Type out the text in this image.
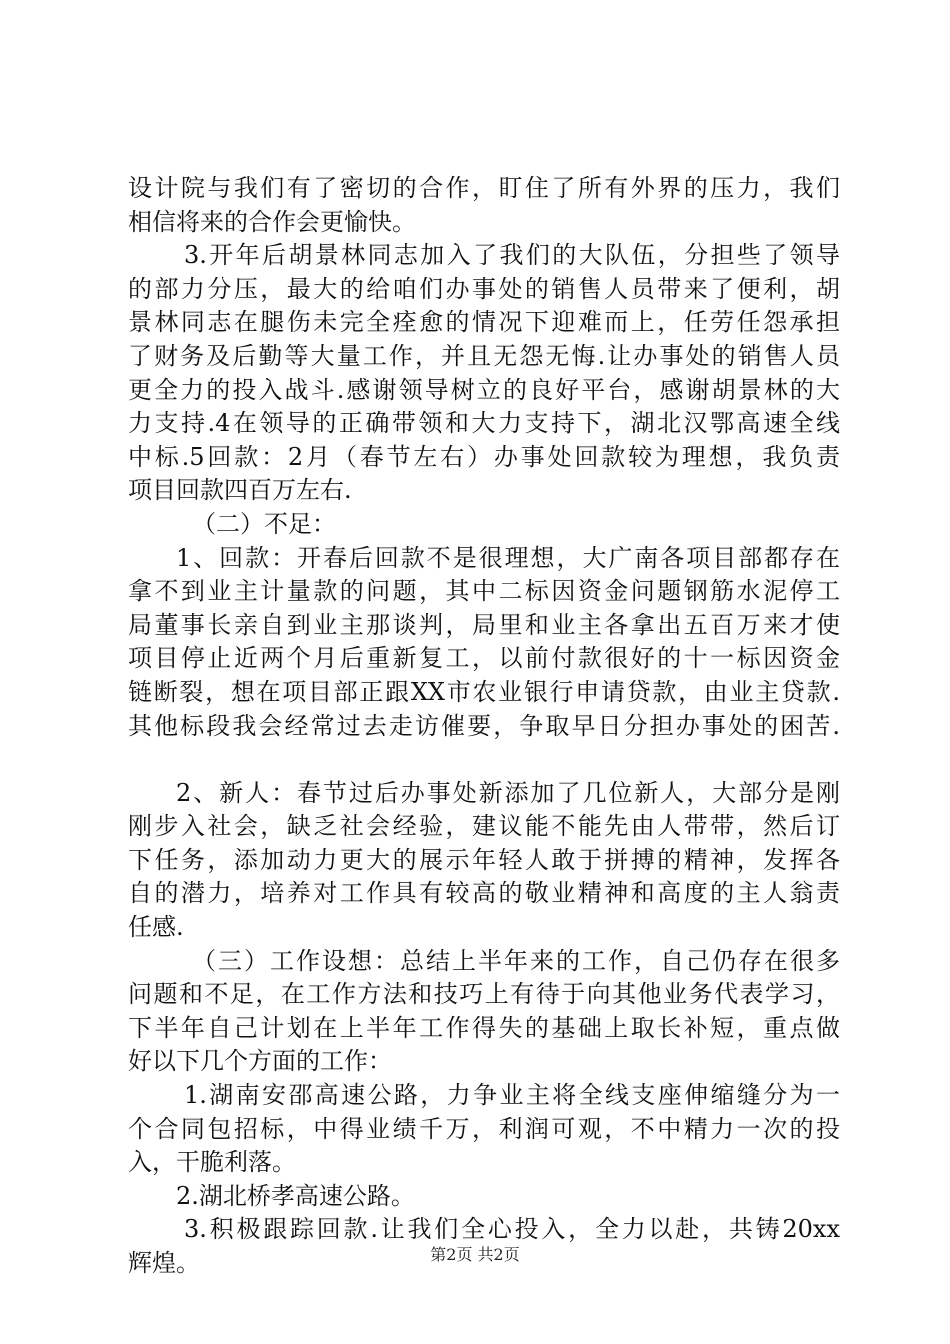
设计院与我们有了密切的合作，盯住了所有外界的压力，我们
相信将来的合作会更愉快。
3.开年后胡景林同志加入了我们的大队伍，分担些了领导
的部力分压，最大的给咱们办事处的销售人员带来了便利，胡
景林同志在腿伤未完全痊愈的情况下迎难而上，任劳任怨承担
了财务及后勤等大量工作，并且无怨无悔.让办事处的销售人员
更全力的投入战斗.感谢领导树立的良好平台，感谢胡景林的大
力支持.4在领导的正确带领和大力支持下，湖北汉鄂高速全线
中标.5回款：2月（春节左右）办事处回款较为理想，我负责
项目回款四百万左右.
（二）不足：
1、回款：开春后回款不是很理想，大广南各项目部都存在
拿不到业主计量款的问题，其中二标因资金问题钢筋水泥停工
局董事长亲自到业主那谈判，局里和业主各拿出五百万来才使
项目停止近两个月后重新复工，以前付款很好的十一标因资金
链断裂，想在项目部正跟XX市农业银行申请贷款，由业主贷款.
其他标段我会经常过去走访催要，争取早日分担办事处的困苦.
2、新人：春节过后办事处新添加了几位新人，大部分是刚
刚步入社会，缺乏社会经验，建议能不能先由人带带，然后订
下任务，添加动力更大的展示年轻人敢于拼搏的精神，发挥各
自的潜力，培养对工作具有较高的敬业精神和高度的主人翁责
任感.
（三）工作设想：总结上半年来的工作，自己仍存在很多
问题和不足，在工作方法和技巧上有待于向其他业务代表学习，
下半年自己计划在上半年工作得失的基础上取长补短，重点做
好以下几个方面的工作：
1.湖南安邵高速公路，力争业主将全线支座伸缩缝分为一
个合同包招标，中得业绩千万，利润可观，不中精力一次的投
入，干脆利落。
2.湖北桥孝高速公路。
3.积极跟踪回款.让我们全心投入，全力以赴，共铸20xx
辉煌。	第2页 共2页
